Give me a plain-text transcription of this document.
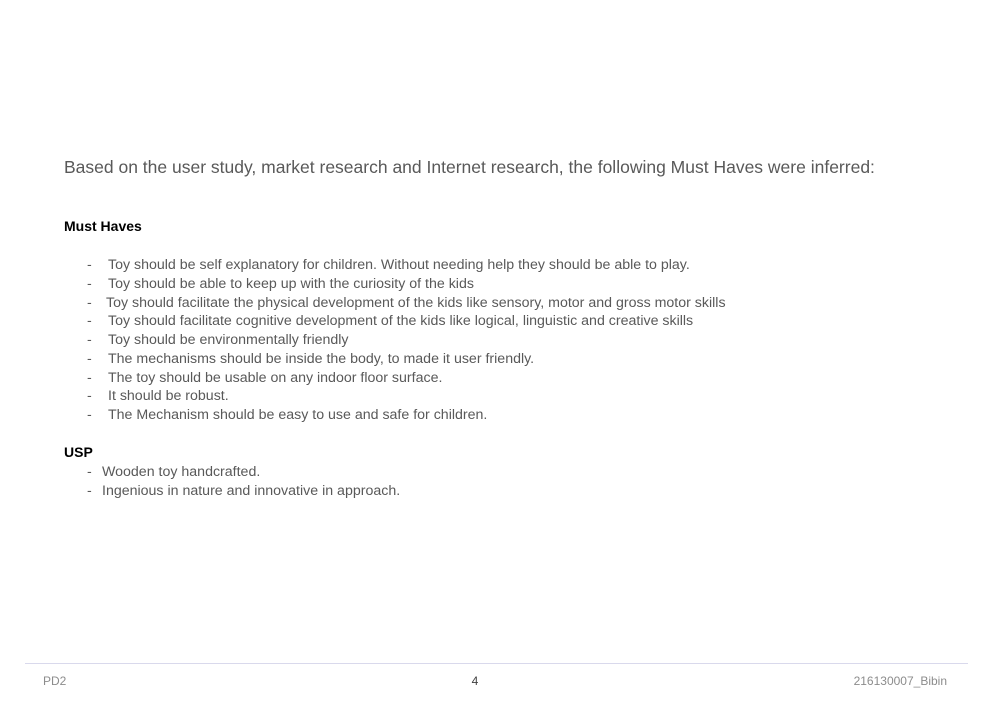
Based on the user study, market research and Internet research, the following Must Haves were inferred:
Must Haves
-	Toy should be self explanatory for children. Without needing help they should be able to play.
-	Toy should be able to keep up with the curiosity of the kids
-	Toy should facilitate the physical development of the kids like sensory, motor and gross motor skills
-	Toy should facilitate cognitive development of the kids like logical, linguistic and creative skills
-	Toy should be environmentally friendly
-	The mechanisms should be inside the body, to made it user friendly.
-	The toy should be usable on any indoor floor surface.
-	It should be robust.
-	The Mechanism should be easy to use and safe for children.
USP
- Wooden toy handcrafted.
- Ingenious in nature and innovative in approach.
PD2	4	216130007_Bibin
